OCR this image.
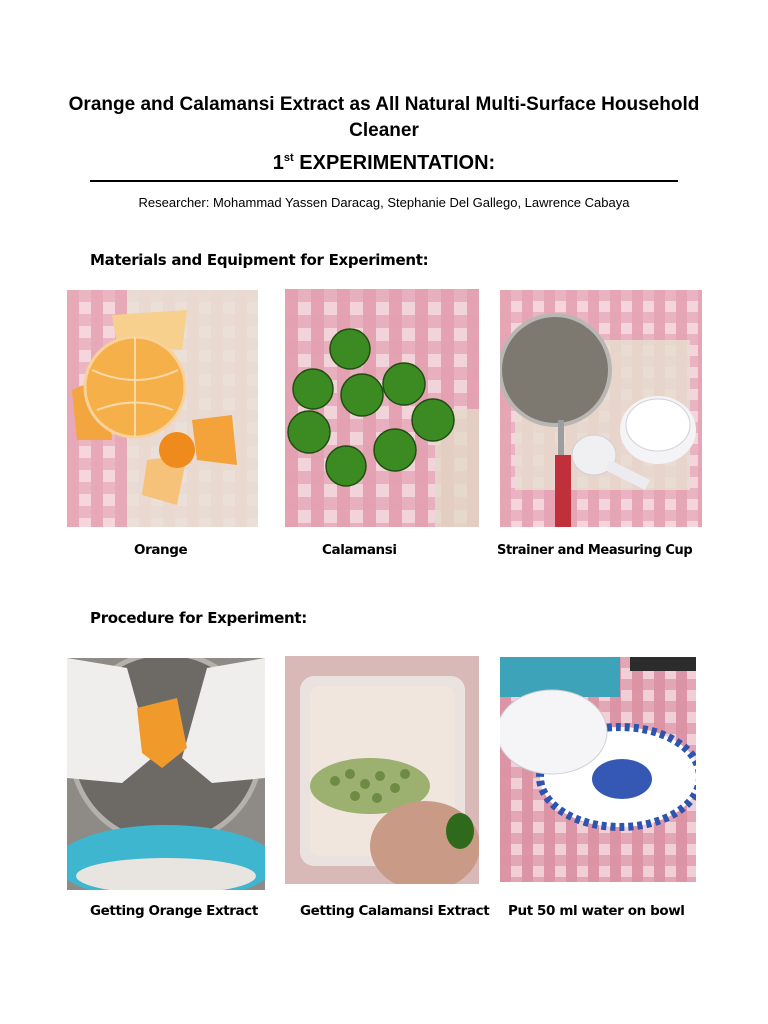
Orange and Calamansi Extract as All Natural Multi-Surface Household Cleaner
1st EXPERIMENTATION:
Researcher: Mohammad Yassen Daracag, Stephanie Del Gallego, Lawrence Cabaya
Materials and Equipment for Experiment:
Orange	Calamansi	Strainer and Measuring Cup
Procedure for Experiment:
Getting Orange Extract	Getting Calamansi Extract Put 50 ml water on bowl
